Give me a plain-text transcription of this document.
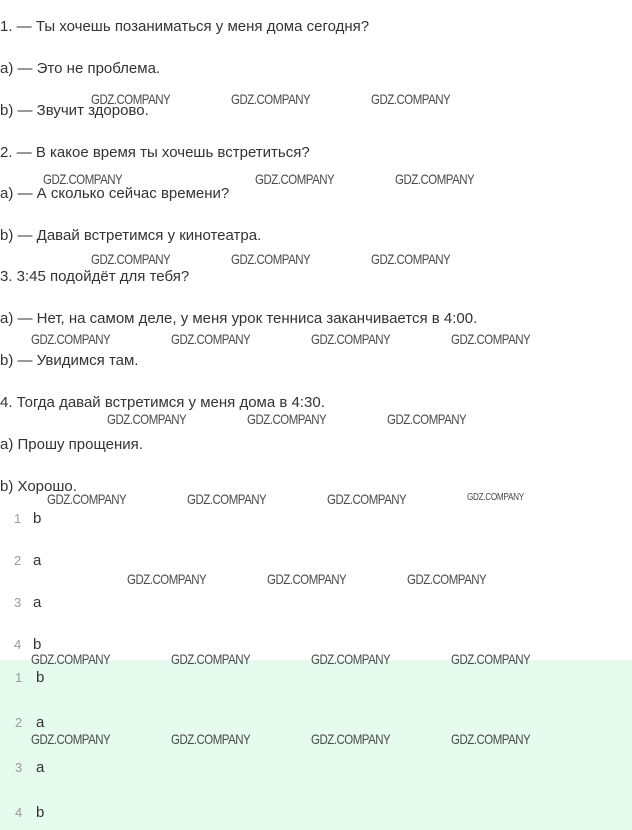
1. — Ты хочешь позаниматься у меня дома сегодня?
a) — Это не проблема.
b) — Звучит здорово.
2. — В какое время ты хочешь встретиться?
a) — А сколько сейчас времени?
b) — Давай встретимся у кинотеатра.
3. 3:45 подойдёт для тебя?
a) — Нет, на самом деле, у меня урок тенниса заканчивается в 4:00.
b) — Увидимся там.
4. Тогда давай встретимся у меня дома в 4:30.
a) Прошу прощения.
b) Хорошо.
1 b
2 a
3 a
4 b
1 b
2 a
3 a
4 b
GDZ.COMPANY	GDZ.COMPANY	GDZ.COMPANY
GDZ.COMPANY	GDZ.COMPANY	GDZ.COMPANY
GDZ.COMPANY	GDZ.COMPANY	GDZ.COMPANY
GDZ.COMPANY	GDZ.COMPANY	GDZ.COMPANY	GDZ.COMPANY
GDZ.COMPANY	GDZ.COMPANY	GDZ.COMPANY
GDZ.COMPANY	GDZ.COMPANY	GDZ.COMPANY	GDZ.COMPANY
GDZ.COMPANY	GDZ.COMPANY	GDZ.COMPANY
GDZ.COMPANY	GDZ.COMPANY	GDZ.COMPANY	GDZ.COMPANY
GDZ.COMPANY	GDZ.COMPANY	GDZ.COMPANY	GDZ.COMPANY
